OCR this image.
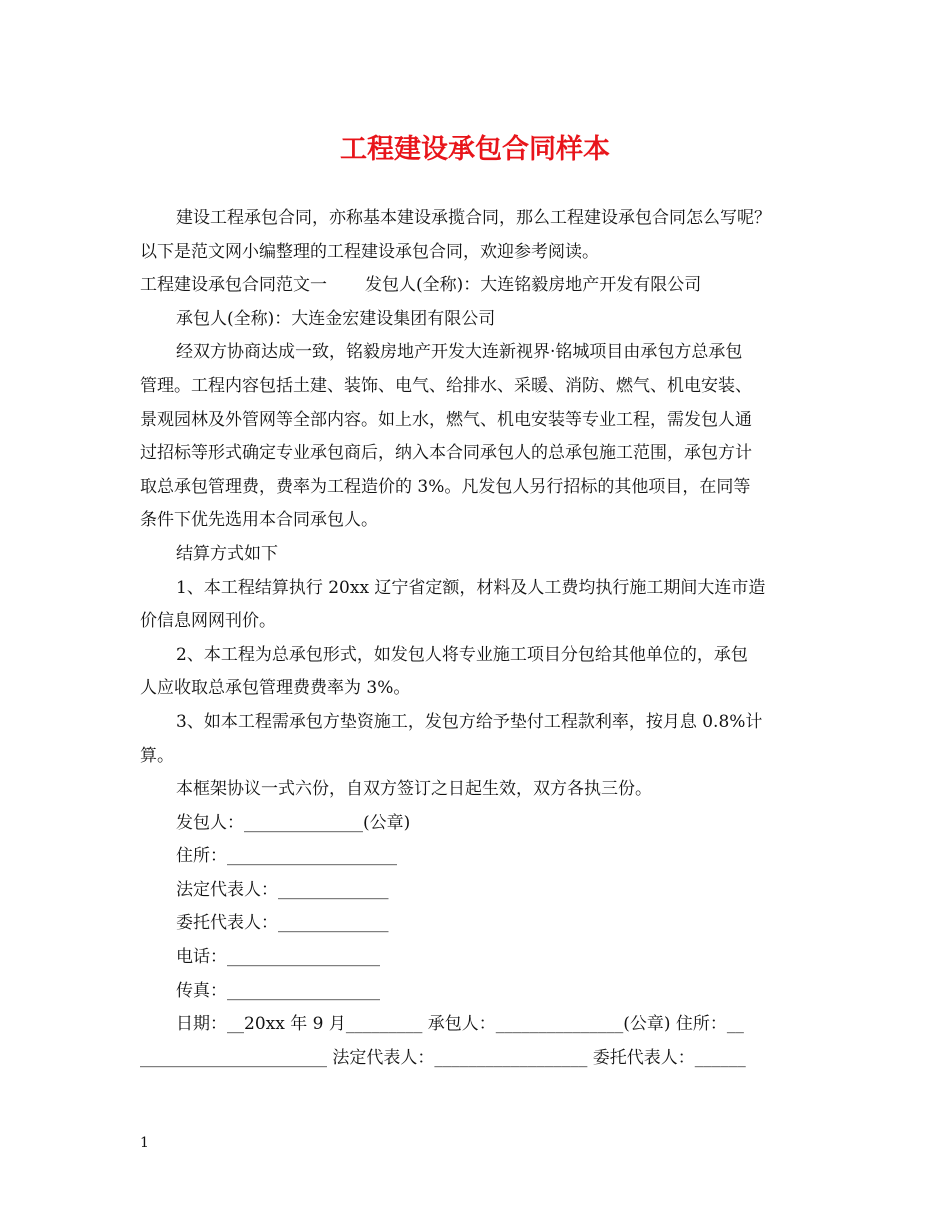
工程建设承包合同样本
建设工程承包合同，亦称基本建设承揽合同，那么工程建设承包合同怎么写呢？
以下是范文网小编整理的工程建设承包合同，欢迎参考阅读。
工程建设承包合同范文一 发包人(全称)：大连铭毅房地产开发有限公司
承包人(全称)：大连金宏建设集团有限公司
经双方协商达成一致，铭毅房地产开发大连新视界·铭城项目由承包方总承包
管理。工程内容包括土建、装饰、电气、给排水、采暖、消防、燃气、机电安装、
景观园林及外管网等全部内容。如上水，燃气、机电安装等专业工程，需发包人通
过招标等形式确定专业承包商后，纳入本合同承包人的总承包施工范围，承包方计
取总承包管理费，费率为工程造价的 3%。凡发包人另行招标的其他项目，在同等
条件下优先选用本合同承包人。
结算方式如下
1、本工程结算执行 20xx 辽宁省定额，材料及人工费均执行施工期间大连市造
价信息网网刊价。
2、本工程为总承包形式，如发包人将专业施工项目分包给其他单位的，承包
人应收取总承包管理费费率为 3%。
3、如本工程需承包方垫资施工，发包方给予垫付工程款利率，按月息 0.8%计
算。
本框架协议一式六份，自双方签订之日起生效，双方各执三份。
发包人：______________(公章)
住所：____________________
法定代表人：_____________
委托代表人：_____________
电话：__________________
传真：__________________
日期：__20xx 年 9 月_________ 承包人：_______________(公章) 住所：__
______________________ 法定代表人：__________________ 委托代表人：______
1
